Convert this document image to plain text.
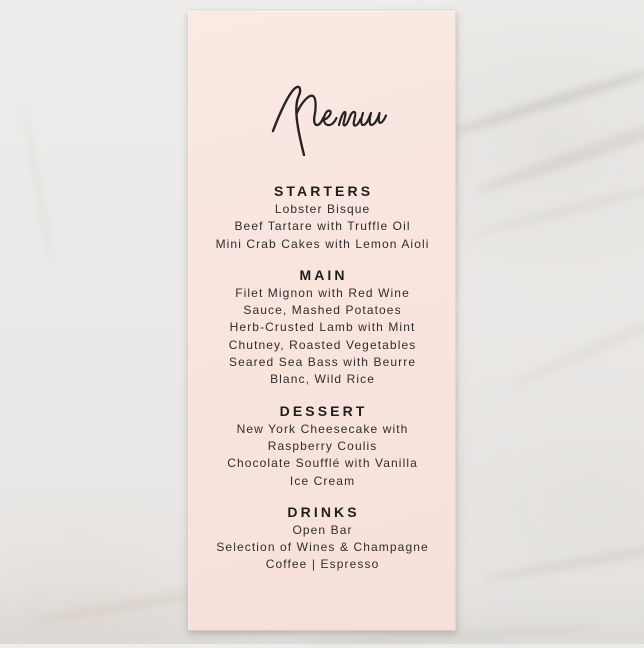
STARTERS
Lobster Bisque
Beef Tartare with Truffle Oil
Mini Crab Cakes with Lemon Aioli
MAIN
Filet Mignon with Red Wine
Sauce, Mashed Potatoes
Herb-Crusted Lamb with Mint
Chutney, Roasted Vegetables
Seared Sea Bass with Beurre
Blanc, Wild Rice
DESSERT
New York Cheesecake with
Raspberry Coulis
Chocolate Soufflé with Vanilla
Ice Cream
DRINKS
Open Bar
Selection of Wines & Champagne
Coffee | Espresso
